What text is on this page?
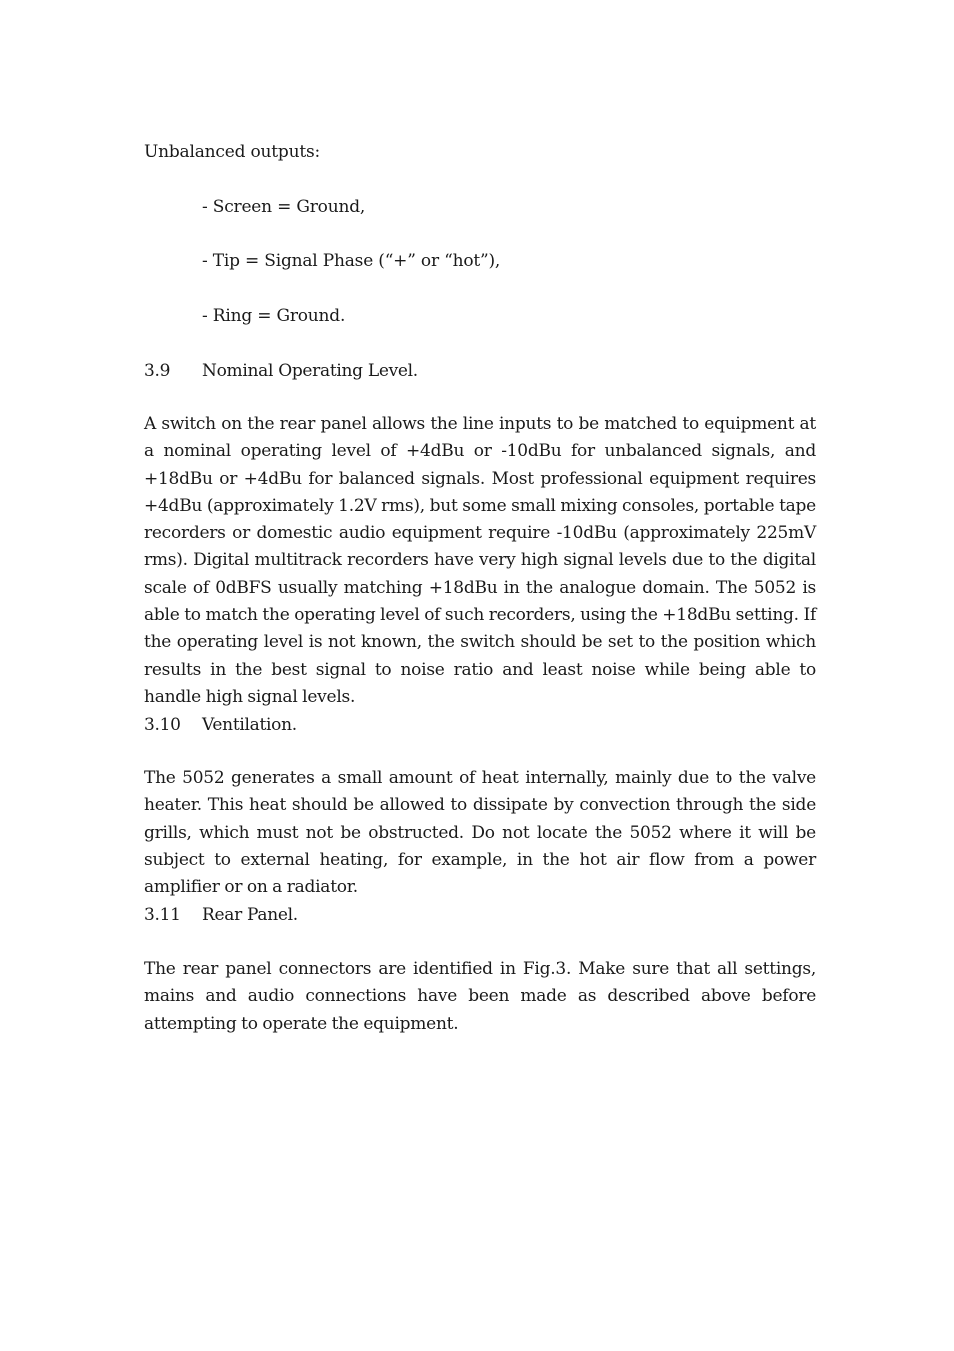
Unbalanced outputs:
- Screen = Ground,
- Tip = Signal Phase (“+” or “hot”),
- Ring = Ground.
3.9 Nominal Operating Level.
A switch on the rear panel allows the line inputs to be matched to equipment at a nominal operating level of +4dBu or -10dBu for unbalanced signals, and +18dBu or +4dBu for balanced signals. Most professional equipment requires +4dBu (approximately 1.2V rms), but some small mixing consoles, portable tape recorders or domestic audio equipment require -10dBu (approximately 225mV rms). Digital multitrack recorders have very high signal levels due to the digital scale of 0dBFS usually matching +18dBu in the analogue domain. The 5052 is able to match the operating level of such recorders, using the +18dBu setting. If the operating level is not known, the switch should be set to the position which results in the best signal to noise ratio and least noise while being able to handle high signal levels.
3.10 Ventilation.
The 5052 generates a small amount of heat internally, mainly due to the valve heater. This heat should be allowed to dissipate by convection through the side grills, which must not be obstructed. Do not locate the 5052 where it will be subject to external heating, for example, in the hot air flow from a power amplifier or on a radiator.
3.11 Rear Panel.
The rear panel connectors are identified in Fig.3. Make sure that all settings, mains and audio connections have been made as described above before attempting to operate the equipment.
